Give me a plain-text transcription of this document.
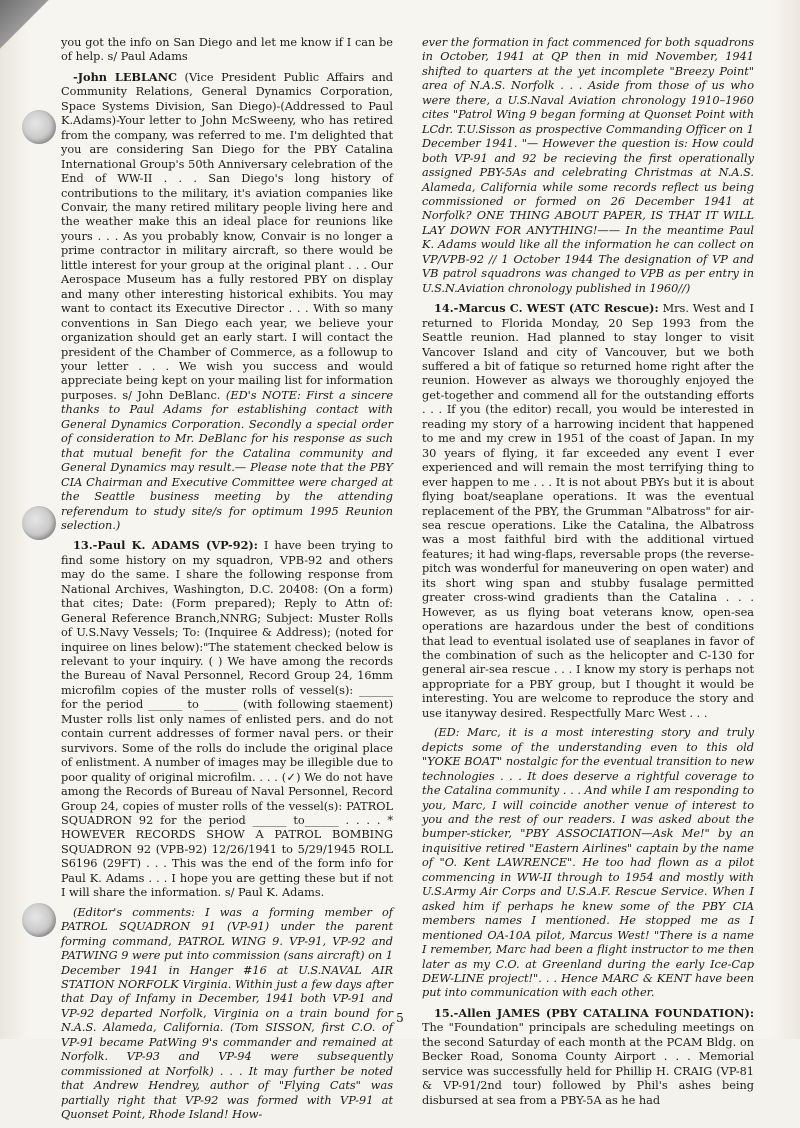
you got the info on San Diego and let me know if I can be of help. s/ Paul Adams

-John LEBLANC (Vice President Public Affairs and Community Relations, General Dynamics Corporation, Space Systems Division, San Diego)-(Addressed to Paul K.Adams)-Your letter to John McSweeny, who has retired from the company, was referred to me. I'm delighted that you are considering San Diego for the PBY Catalina International Group's 50th Anniversary celebration of the End of WW-II . . . San Diego's long history of contributions to the military, it's aviation companies like Convair, the many retired military people living here and the weather make this an ideal place for reunions like yours . . . As you probably know, Convair is no longer a prime contractor in military aircraft, so there would be little interest for your group at the original plant . . . Our Aerospace Museum has a fully restored PBY on display and many other interesting historical exhibits. You may want to contact its Executive Director . . . With so many conventions in San Diego each year, we believe your organization should get an early start. I will contact the president of the Chamber of Commerce, as a followup to your letter . . . We wish you success and would appreciate being kept on your mailing list for information purposes. s/ John DeBlanc. (ED's NOTE: First a sincere thanks to Paul Adams for establishing contact with General Dynamics Corporation. Secondly a special order of consideration to Mr. DeBlanc for his response as such that mutual benefit for the Catalina community and General Dynamics may result.— Please note that the PBY CIA Chairman and Executive Committee were charged at the Seattle business meeting by the attending referendum to study site/s for optimum 1995 Reunion selection.)

13.-Paul K. ADAMS (VP-92): I have been trying to find some history on my squadron, VPB-92 and others may do the same. I share the following response from National Archives, Washington, D.C. 20408: (On a form) that cites; Date: (Form prepared); Reply to Attn of: General Reference Branch,NNRG; Subject: Muster Rolls of U.S.Navy Vessels; To: (Inquiree & Address); (noted for inquiree on lines below):"The statement checked below is relevant to your inquiry. ( ) We have among the records the Bureau of Naval Personnel, Record Group 24, 16mm microfilm copies of the muster rolls of vessel(s): ______ for the period ______ to ______ (with following staement) Muster rolls list only names of enlisted pers. and do not contain current addresses of former naval pers. or their survivors. Some of the rolls do include the original place of enlistment. A number of images may be illegible due to poor quality of original microfilm. . . . (✓) We do not have among the Records of Bureau of Naval Personnel, Record Group 24, copies of muster rolls of the vessel(s): PATROL SQUADRON 92 for the period ______ to______ . . . . * HOWEVER RECORDS SHOW A PATROL BOMBING SQUADRON 92 (VPB-92) 12/26/1941 to 5/29/1945 ROLL S6196 (29FT) . . . This was the end of the form info for Paul K. Adams . . . I hope you are getting these but if not I will share the information. s/ Paul K. Adams.

(Editor's comments: I was a forming member of PATROL SQUADRON 91 (VP-91) under the parent forming command, PATROL WING 9. VP-91, VP-92 and PATWING 9 were put into commission (sans aircraft) on 1 December 1941 in Hanger #16 at U.S.NAVAL AIR STATION NORFOLK Virginia. Within just a few days after that Day of Infamy in December, 1941 both VP-91 and VP-92 departed Norfolk, Virginia on a train bound for N.A.S. Alameda, California. (Tom SISSON, first C.O. of VP-91 became PatWing 9's commander and remained at Norfolk. VP-93 and VP-94 were subsequently commissioned at Norfolk) . . . It may further be noted that Andrew Hendrey, author of "Flying Cats" was partially right that VP-92 was formed with VP-91 at Quonset Point, Rhode Island! How-

ever the formation in fact commenced for both squadrons in October, 1941 at QP then in mid November, 1941 shifted to quarters at the yet incomplete "Breezy Point" area of N.A.S. Norfolk . . . Aside from those of us who were there, a U.S.Naval Aviation chronology 1910–1960 cites "Patrol Wing 9 began forming at Quonset Point with LCdr. T.U.Sisson as prospective Commanding Officer on 1 December 1941. "— However the question is: How could both VP-91 and 92 be recieving the first operationally assigned PBY-5As and celebrating Christmas at N.A.S. Alameda, California while some records reflect us being commissioned or formed on 26 December 1941 at Norfolk? ONE THING ABOUT PAPER, IS THAT IT WILL LAY DOWN FOR ANYTHING!—— In the meantime Paul K. Adams would like all the information he can collect on VP/VPB-92 // 1 October 1944 The designation of VP and VB patrol squadrons was changed to VPB as per entry in U.S.N.Aviation chronology published in 1960//)

14.-Marcus C. WEST (ATC Rescue): Mrs. West and I returned to Florida Monday, 20 Sep 1993 from the Seattle reunion. Had planned to stay longer to visit Vancover Island and city of Vancouver, but we both suffered a bit of fatique so returned home right after the reunion. However as always we thoroughly enjoyed the get-together and commend all for the outstanding efforts . . . If you (the editor) recall, you would be interested in reading my story of a harrowing incident that happened to me and my crew in 1951 of the coast of Japan. In my 30 years of flying, it far exceeded any event I ever experienced and will remain the most terrifying thing to ever happen to me . . . It is not about PBYs but it is about flying boat/seaplane operations. It was the eventual replacement of the PBY, the Grumman "Albatross" for air-sea rescue operations. Like the Catalina, the Albatross was a most faithful bird with the additional virtued features; it had wing-flaps, reversable props (the reverse-pitch was wonderful for maneuvering on open water) and its short wing span and stubby fusalage permitted greater cross-wind gradients than the Catalina . . . However, as us flying boat veterans know, open-sea operations are hazardous under the best of conditions that lead to eventual isolated use of seaplanes in favor of the combination of such as the helicopter and C-130 for general air-sea rescue . . . I know my story is perhaps not appropriate for a PBY group, but I thought it would be interesting. You are welcome to reproduce the story and use itanyway desired. Respectfully Marc West . . .

(ED: Marc, it is a most interesting story and truly depicts some of the understanding even to this old "YOKE BOAT" nostalgic for the eventual transition to new technologies . . . It does deserve a rightful coverage to the Catalina community . . . And while I am responding to you, Marc, I will coincide another venue of interest to you and the rest of our readers. I was asked about the bumper-sticker, "PBY ASSOCIATION—Ask Me!" by an inquisitive retired "Eastern Airlines" captain by the name of "O. Kent LAWRENCE". He too had flown as a pilot commencing in WW-II through to 1954 and mostly with U.S.Army Air Corps and U.S.A.F. Rescue Service. When I asked him if perhaps he knew some of the PBY CIA members names I mentioned. He stopped me as I mentioned OA-10A pilot, Marcus West! "There is a name I remember, Marc had been a flight instructor to me then later as my C.O. at Greenland during the early Ice-Cap DEW-LINE project!". . . Hence MARC & KENT have been put into communication with each other.

15.-Allen JAMES (PBY CATALINA FOUNDATION): The "Foundation" principals are scheduling meetings on the second Saturday of each month at the PCAM Bldg. on Becker Road, Sonoma County Airport . . . Memorial service was successfully held for Phillip H. CRAIG (VP-81 & VP-91/2nd tour) followed by Phil's ashes being disbursed at sea from a PBY-5A as he had

5
